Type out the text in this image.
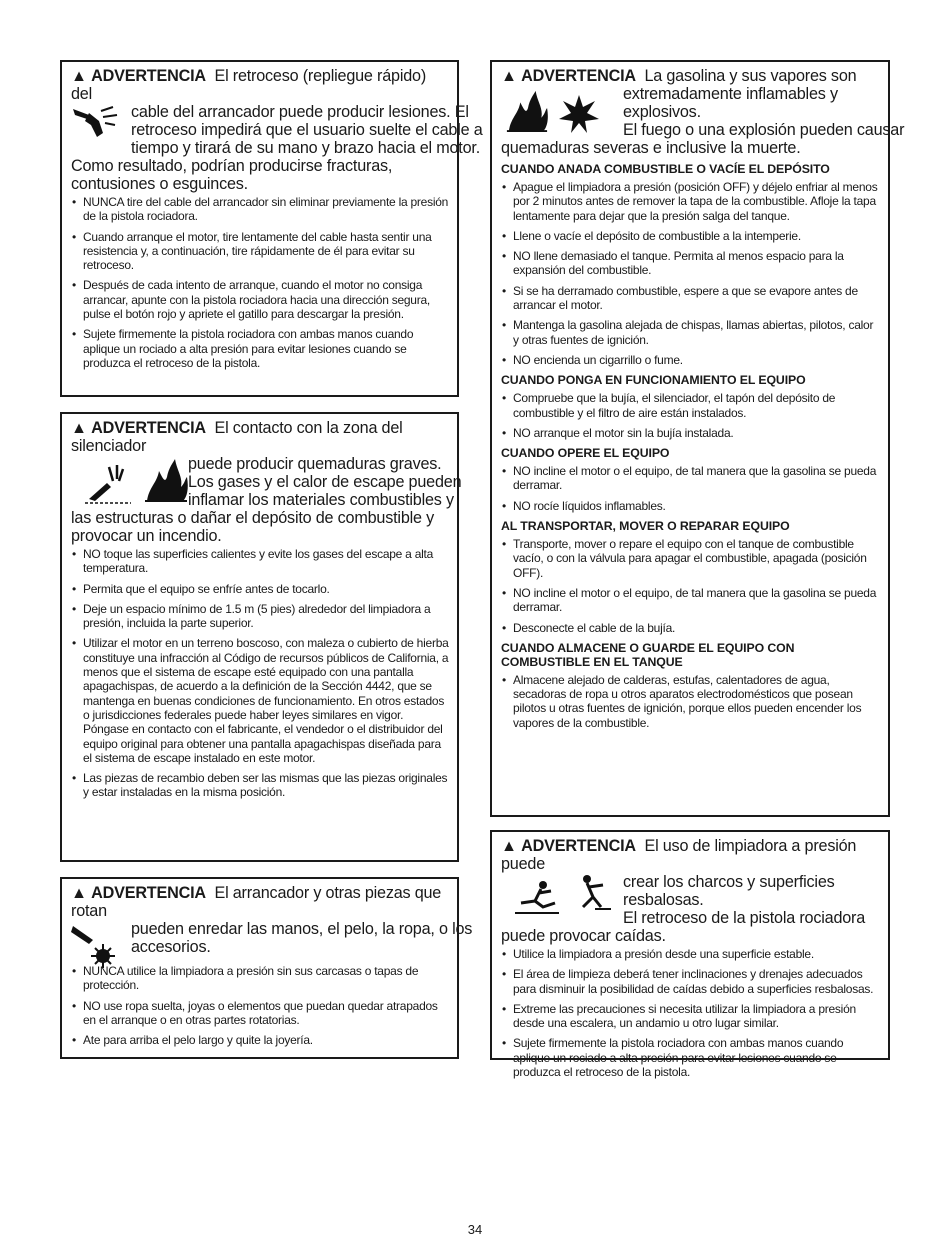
▲ ADVERTENCIA El retroceso (repliegue rápido) del
cable del arrancador puede producir lesiones. El
retroceso impedirá que el usuario suelte el cable a
tiempo y tirará de su mano y brazo hacia el motor.
Como resultado, podrían producirse fracturas,
contusiones o esguinces.
• NUNCA tire del cable del arrancador sin eliminar previamente la presión de la pistola rociadora.
• Cuando arranque el motor, tire lentamente del cable hasta sentir una resistencia y, a continuación, tire rápidamente de él para evitar su retroceso.
• Después de cada intento de arranque, cuando el motor no consiga arrancar, apunte con la pistola rociadora hacia una dirección segura, pulse el botón rojo y apriete el gatillo para descargar la presión.
• Sujete firmemente la pistola rociadora con ambas manos cuando aplique un rociado a alta presión para evitar lesiones cuando se produzca el retroceso de la pistola.
▲ ADVERTENCIA El contacto con la zona del silenciador
puede producir quemaduras graves.
Los gases y el calor de escape pueden
inflamar los materiales combustibles y
las estructuras o dañar el depósito de combustible y
provocar un incendio.
• NO toque las superficies calientes y evite los gases del escape a alta temperatura.
• Permita que el equipo se enfríe antes de tocarlo.
• Deje un espacio mínimo de 1.5 m (5 pies) alrededor del limpiadora a presión, incluida la parte superior.
• Utilizar el motor en un terreno boscoso, con maleza o cubierto de hierba constituye una infracción al Código de recursos públicos de California, a menos que el sistema de escape esté equipado con una pantalla apagachispas, de acuerdo a la definición de la Sección 4442, que se mantenga en buenas condiciones de funcionamiento. En otros estados o jurisdicciones federales puede haber leyes similares en vigor. Póngase en contacto con el fabricante, el vendedor o el distribuidor del equipo original para obtener una pantalla apagachispas diseñada para el sistema de escape instalado en este motor.
• Las piezas de recambio deben ser las mismas que las piezas originales y estar instaladas en la misma posición.
▲ ADVERTENCIA El arrancador y otras piezas que rotan
pueden enredar las manos, el pelo, la ropa, o los
accesorios.
• NUNCA utilice la limpiadora a presión sin sus carcasas o tapas de protección.
• NO use ropa suelta, joyas o elementos que puedan quedar atrapados en el arranque o en otras partes rotatorias.
• Ate para arriba el pelo largo y quite la joyería.
▲ ADVERTENCIA La gasolina y sus vapores son
extremadamente inflamables y
explosivos.
El fuego o una explosión pueden causar
quemaduras severas e inclusive la muerte.
CUANDO ANADA COMBUSTIBLE O VACÍE EL DEPÓSITO
• Apague el limpiadora a presión (posición OFF) y déjelo enfriar al menos por 2 minutos antes de remover la tapa de la combustible. Afloje la tapa lentamente para dejar que la presión salga del tanque.
• Llene o vacíe el depósito de combustible a la intemperie.
• NO llene demasiado el tanque. Permita al menos espacio para la expansión del combustible.
• Si se ha derramado combustible, espere a que se evapore antes de arrancar el motor.
• Mantenga la gasolina alejada de chispas, llamas abiertas, pilotos, calor y otras fuentes de ignición.
• NO encienda un cigarrillo o fume.
CUANDO PONGA EN FUNCIONAMIENTO EL EQUIPO
• Compruebe que la bujía, el silenciador, el tapón del depósito de combustible y el filtro de aire están instalados.
• NO arranque el motor sin la bujía instalada.
CUANDO OPERE EL EQUIPO
• NO incline el motor o el equipo, de tal manera que la gasolina se pueda derramar.
• NO rocíe líquidos inflamables.
AL TRANSPORTAR, MOVER O REPARAR EQUIPO
• Transporte, mover o repare el equipo con el tanque de combustible vacío, o con la válvula para apagar el combustible, apagada (posición OFF).
• NO incline el motor o el equipo, de tal manera que la gasolina se pueda derramar.
• Desconecte el cable de la bujía.
CUANDO ALMACENE O GUARDE EL EQUIPO CON COMBUSTIBLE EN EL TANQUE
• Almacene alejado de calderas, estufas, calentadores de agua, secadoras de ropa u otros aparatos electrodomésticos que posean pilotos u otras fuentes de ignición, porque ellos pueden encender los vapores de la combustible.
▲ ADVERTENCIA El uso de limpiadora a presión puede
crear los charcos y superficies
resbalosas.
El retroceso de la pistola rociadora
puede provocar caídas.
• Utilice la limpiadora a presión desde una superficie estable.
• El área de limpieza deberá tener inclinaciones y drenajes adecuados para disminuir la posibilidad de caídas debido a superficies resbalosas.
• Extreme las precauciones si necesita utilizar la limpiadora a presión desde una escalera, un andamio u otro lugar similar.
• Sujete firmemente la pistola rociadora con ambas manos cuando aplique un rociado a alta presión para evitar lesiones cuando se produzca el retroceso de la pistola.
34
